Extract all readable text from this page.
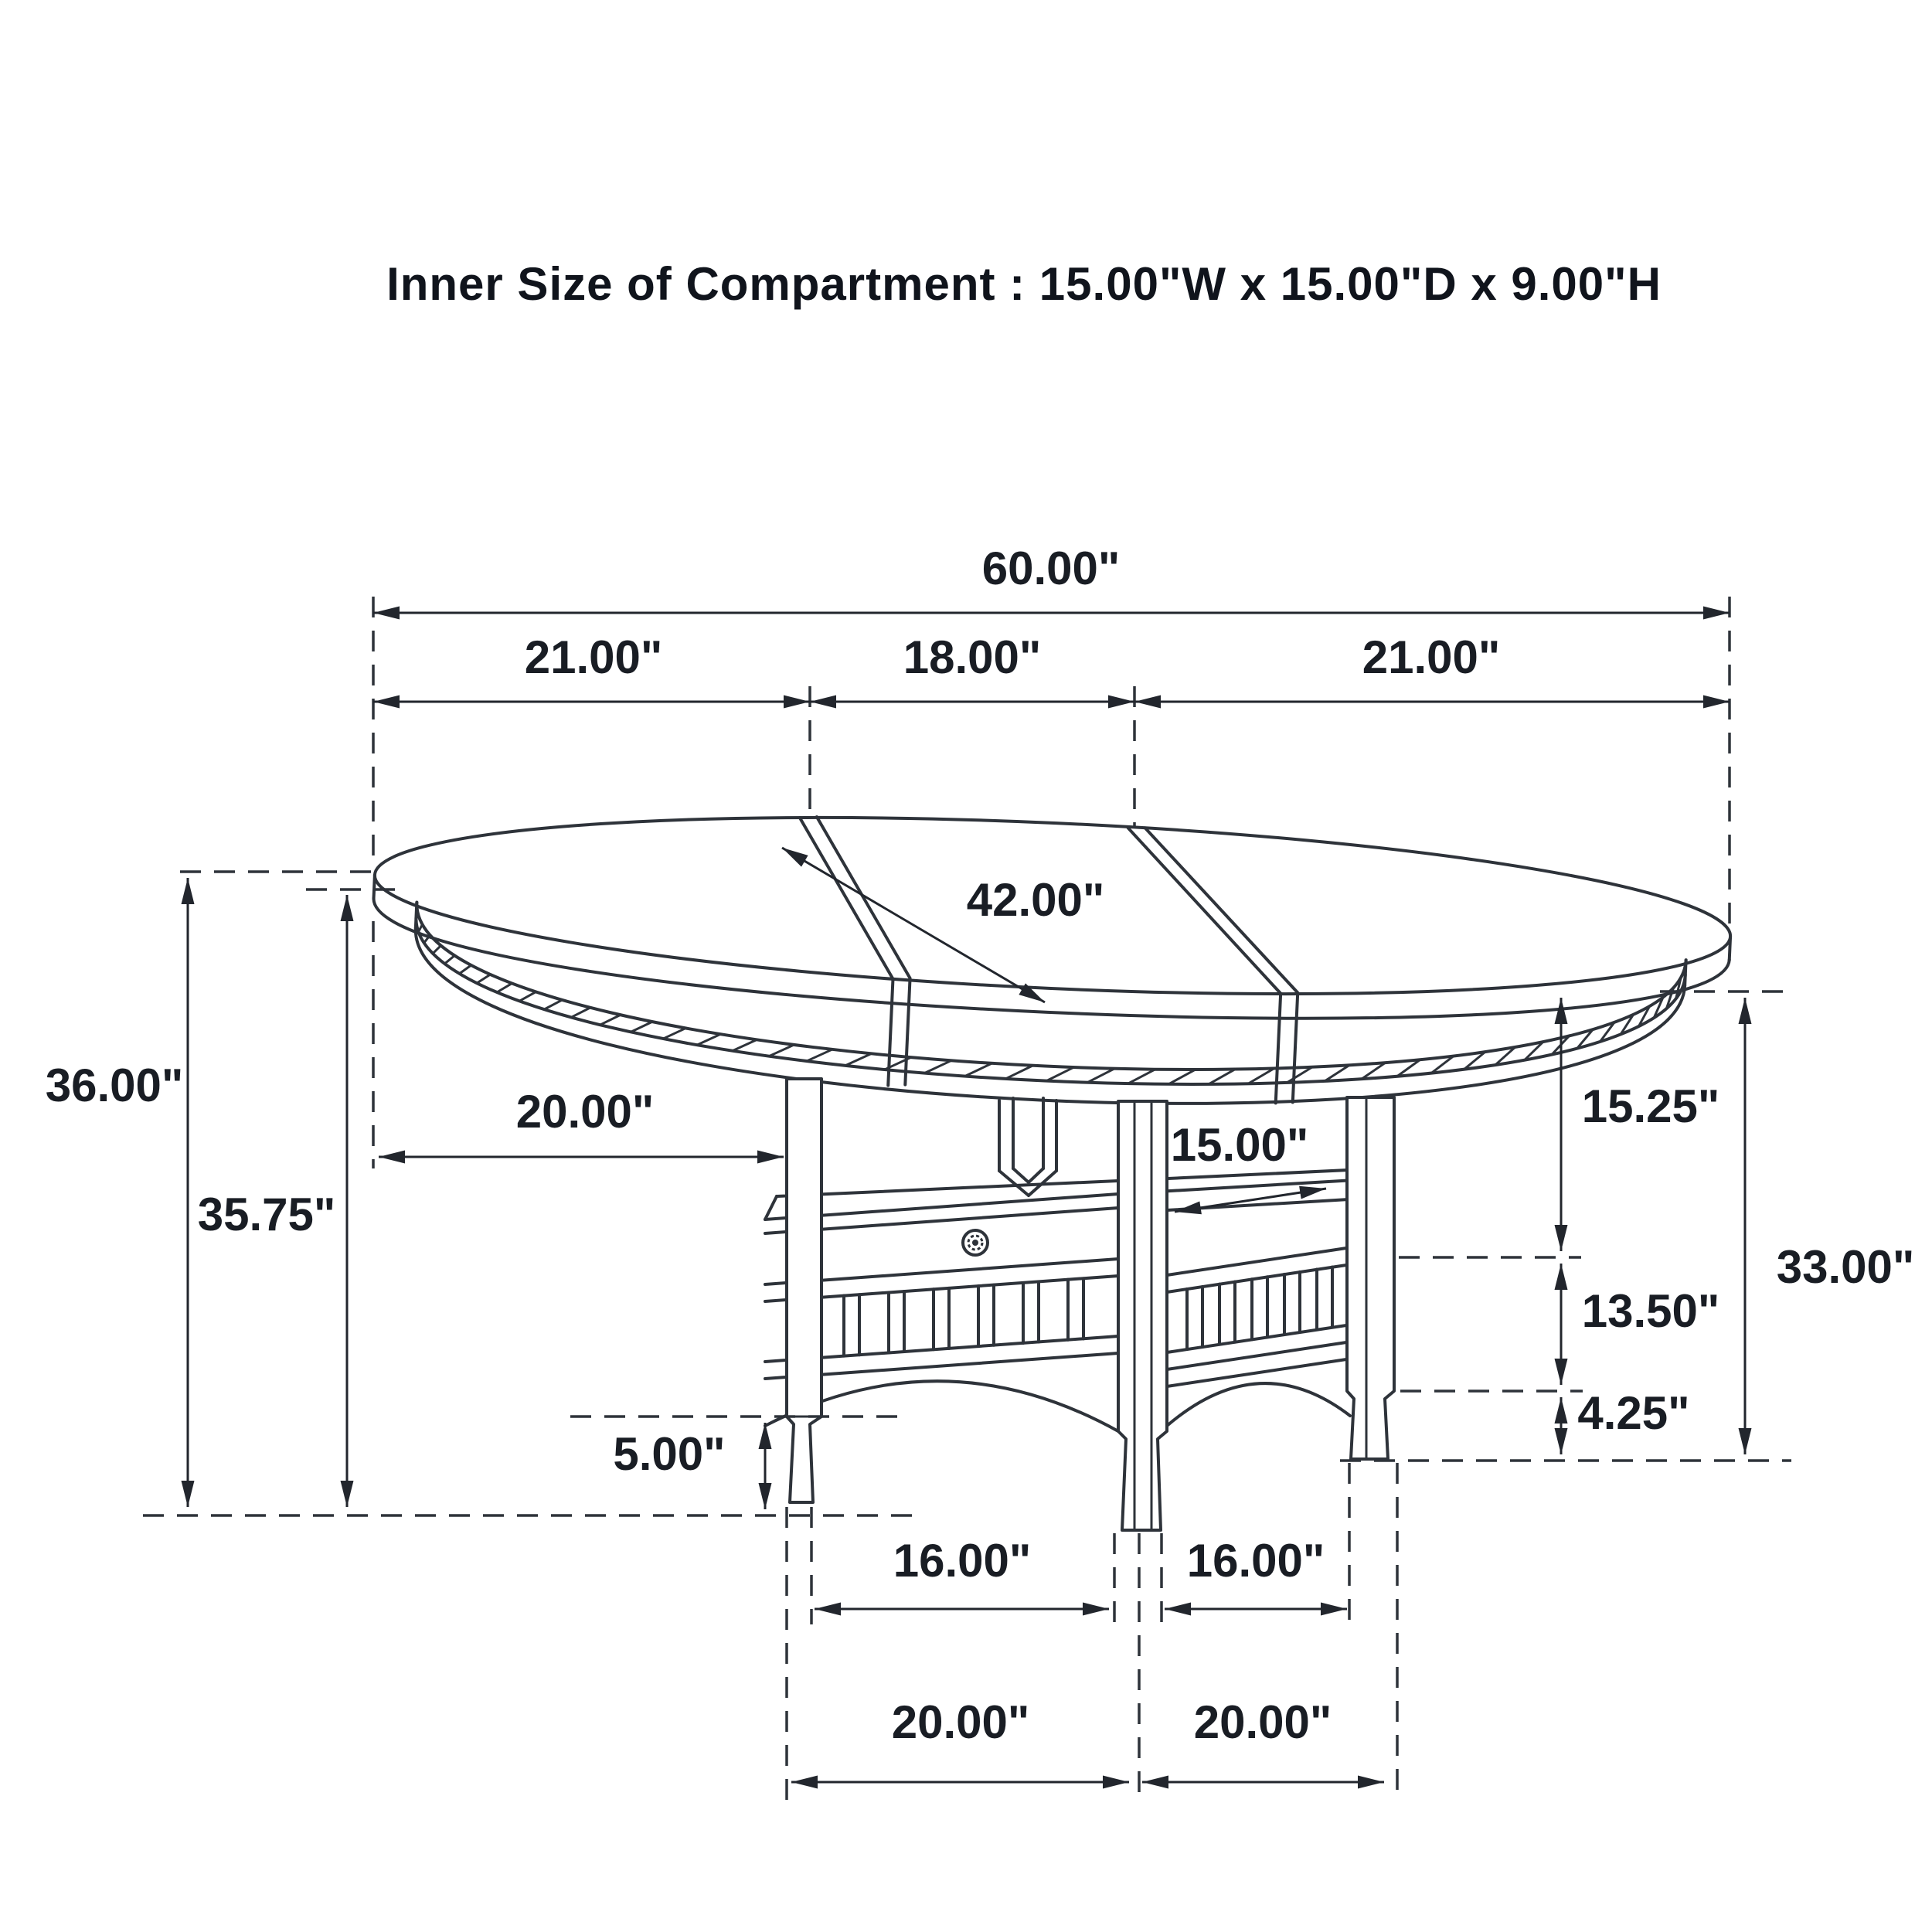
Inner Size of Compartment : 15.00"W x 15.00"D x 9.00"H
60.00"
21.00"	18.00"	21.00"
42.00"
36.00"
35.75"
20.00"
5.00"
15.00"
15.25"
13.50"
4.25"
33.00"
16.00"	16.00"
20.00"	20.00"
